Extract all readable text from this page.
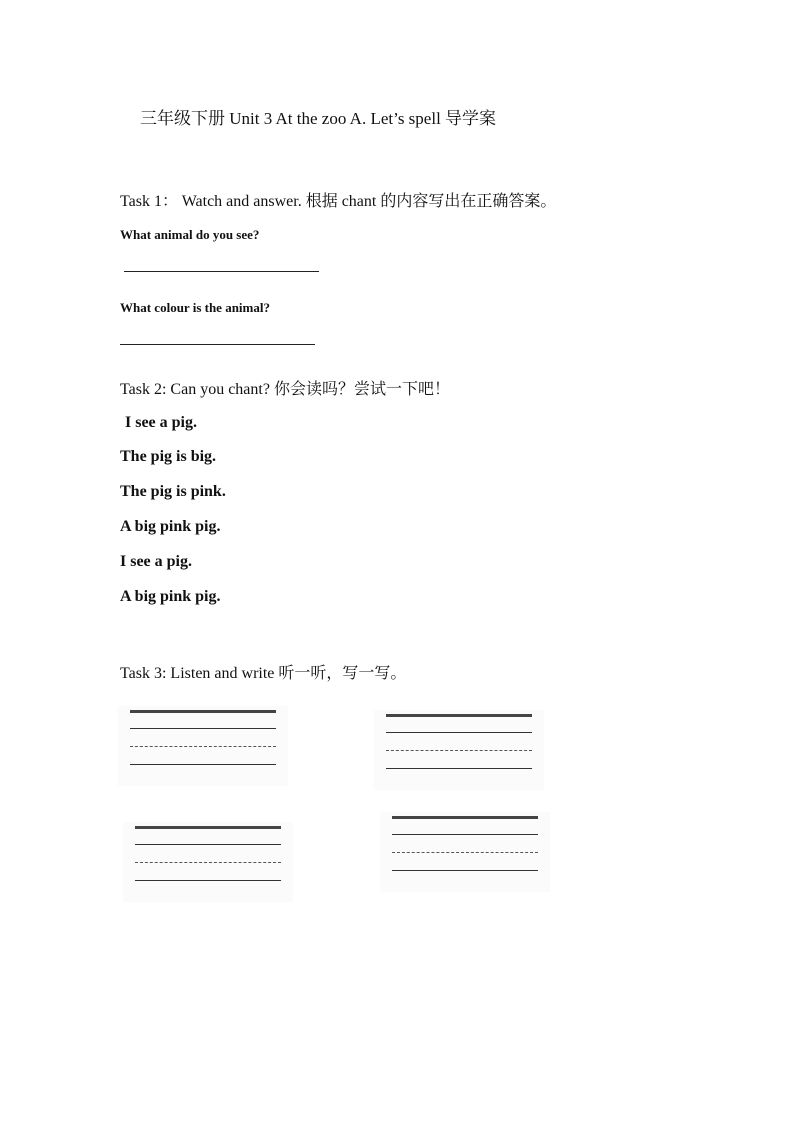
三年级下册 Unit 3 At the zoo A. Let’s spell 导学案
Task 1： Watch and answer. 根据 chant 的内容写出在正确答案。
What animal do you see?
What colour is the animal?
Task 2: Can you chant? 你会读吗？尝试一下吧！
I see a pig.
The pig is big.
The pig is pink.
A big pink pig.
I see a pig.
A big pink pig.
Task 3: Listen and write 听一听，写一写。
